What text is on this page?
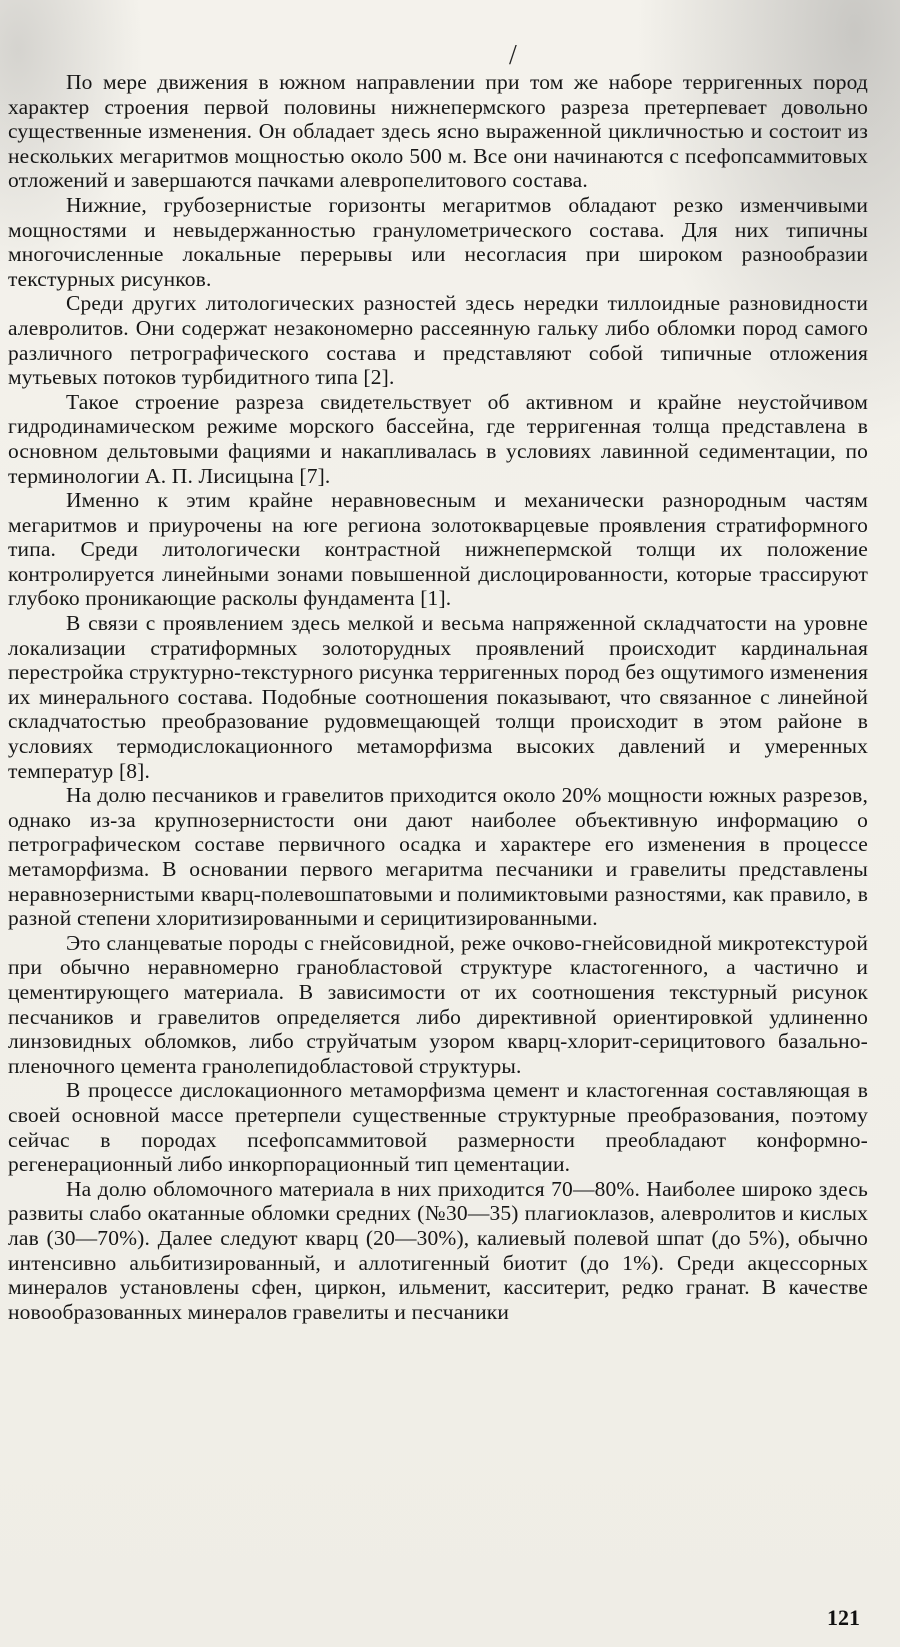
/

По мере движения в южном направлении при том же наборе терригенных пород характер строения первой половины нижнепермского разреза претерпевает довольно существенные изменения. Он обладает здесь ясно выраженной цикличностью и состоит из нескольких мегаритмов мощностью около 500 м. Все они начинаются с псефопсаммитовых отложений и завершаются пачками алевропелитового состава.

Нижние, грубозернистые горизонты мегаритмов обладают резко изменчивыми мощностями и невыдержанностью гранулометрического состава. Для них типичны многочисленные локальные перерывы или несогласия при широком разнообразии текстурных рисунков.

Среди других литологических разностей здесь нередки тиллоидные разновидности алевролитов. Они содержат незакономерно рассеянную гальку либо обломки пород самого различного петрографического состава и представляют собой типичные отложения мутьевых потоков турбидитного типа [2].

Такое строение разреза свидетельствует об активном и крайне неустойчивом гидродинамическом режиме морского бассейна, где терригенная толща представлена в основном дельтовыми фациями и накапливалась в условиях лавинной седиментации, по терминологии А. П. Лисицына [7].

Именно к этим крайне неравновесным и механически разнородным частям мегаритмов и приурочены на юге региона золотокварцевые проявления стратиформного типа. Среди литологически контрастной нижнепермской толщи их положение контролируется линейными зонами повышенной дислоцированности, которые трассируют глубоко проникающие расколы фундамента [1].

В связи с проявлением здесь мелкой и весьма напряженной складчатости на уровне локализации стратиформных золоторудных проявлений происходит кардинальная перестройка структурно-текстурного рисунка терригенных пород без ощутимого изменения их минерального состава. Подобные соотношения показывают, что связанное с линейной складчатостью преобразование рудовмещающей толщи происходит в этом районе в условиях термодислокационного метаморфизма высоких давлений и умеренных температур [8].

На долю песчаников и гравелитов приходится около 20% мощности южных разрезов, однако из-за крупнозернистости они дают наиболее объективную информацию о петрографическом составе первичного осадка и характере его изменения в процессе метаморфизма. В основании первого мегаритма песчаники и гравелиты представлены неравнозернистыми кварц-полевошпатовыми и полимиктовыми разностями, как правило, в разной степени хлоритизированными и серицитизированными.

Это сланцеватые породы с гнейсовидной, реже очково-гнейсовидной микротекстурой при обычно неравномерно гранобластовой структуре кластогенного, а частично и цементирующего материала. В зависимости от их соотношения текстурный рисунок песчаников и гравелитов определяется либо директивной ориентировкой удлиненно линзовидных обломков, либо струйчатым узором кварц-хлорит-серицитового базально-пленочного цемента гранолепидобластовой структуры.

В процессе дислокационного метаморфизма цемент и кластогенная составляющая в своей основной массе претерпели существенные структурные преобразования, поэтому сейчас в породах псефопсаммитовой размерности преобладают конформно-регенерационный либо инкорпорационный тип цементации.

На долю обломочного материала в них приходится 70—80%. Наиболее широко здесь развиты слабо окатанные обломки средних (№30—35) плагиоклазов, алевролитов и кислых лав (30—70%). Далее следуют кварц (20—30%), калиевый полевой шпат (до 5%), обычно интенсивно альбитизированный, и аллотигенный биотит (до 1%). Среди акцессорных минералов установлены сфен, циркон, ильменит, касситерит, редко гранат. В качестве новообразованных минералов гравелиты и песчаники

121
